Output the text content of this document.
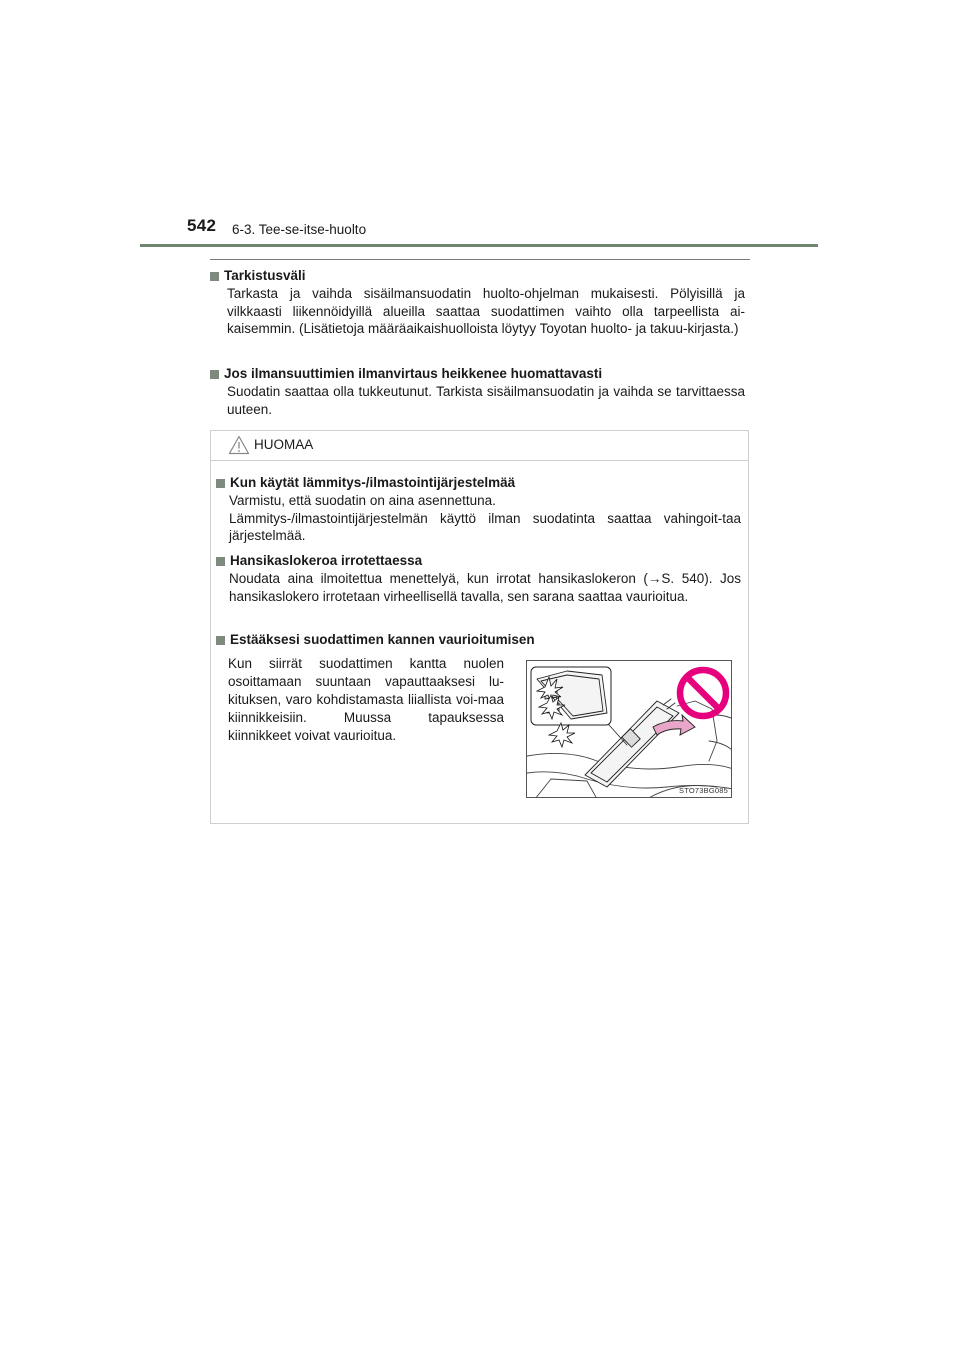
542 6-3. Tee-se-itse-huolto
Tarkistusväli
Tarkasta ja vaihda sisäilmansuodatin huolto-ohjelman mukaisesti. Pölyisillä ja vilkkaasti liikennöidyillä alueilla saattaa suodattimen vaihto olla tarpeellista ai-kaisemmin. (Lisätietoja määräaikaishuolloista löytyy Toyotan huolto- ja takuu-kirjasta.)
Jos ilmansuuttimien ilmanvirtaus heikkenee huomattavasti
Suodatin saattaa olla tukkeutunut. Tarkista sisäilmansuodatin ja vaihda se tarvittaessa uuteen.
HUOMAA
Kun käytät lämmitys-/ilmastointijärjestelmää
Varmistu, että suodatin on aina asennettuna.
Lämmitys-/ilmastointijärjestelmän käyttö ilman suodatinta saattaa vahingoit-taa järjestelmää.
Hansikaslokeroa irrotettaessa
Noudata aina ilmoitettua menettelyä, kun irrotat hansikaslokeron (→S. 540). Jos hansikaslokero irrotetaan virheellisellä tavalla, sen sarana saattaa vaurioitua.
Estääksesi suodattimen kannen vaurioitumisen
Kun siirrät suodattimen kantta nuolen osoittamaan suuntaan vapauttaaksesi lu-kituksen, varo kohdistamasta liiallista voi-maa kiinnikkeisiin. Muussa tapauksessa kiinnikkeet voivat vaurioitua.
STO73BG085
